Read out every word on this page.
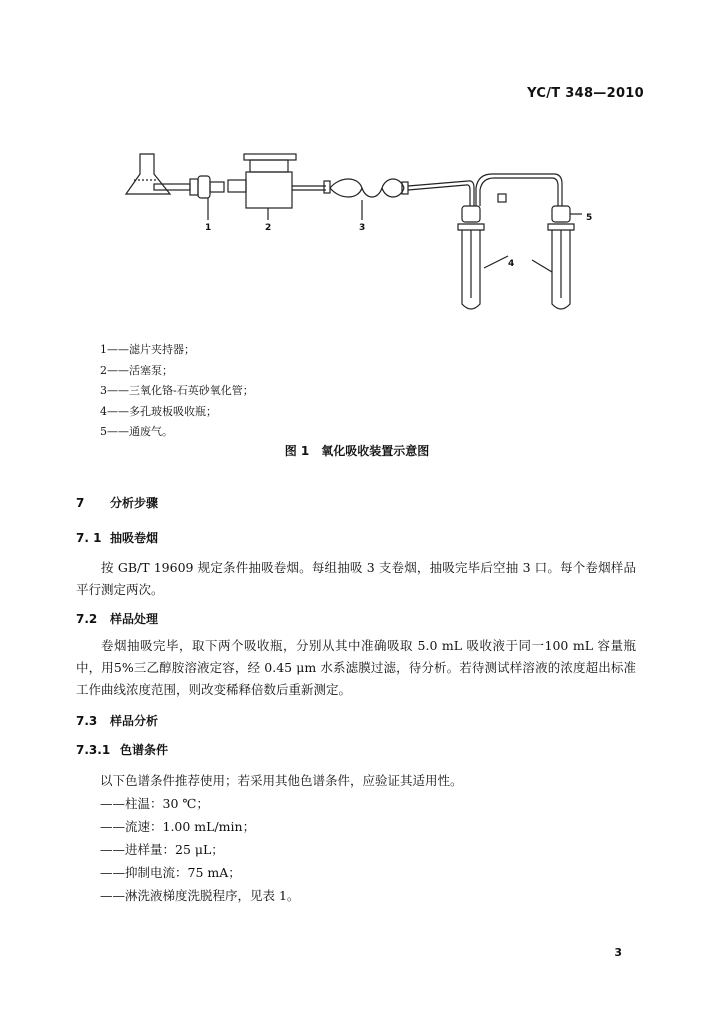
YC/T 348—2010
1	2	3
4
5
1——滤片夹持器；
2——活塞泵；
3——三氧化铬-石英砂氧化管；
4——多孔玻板吸收瓶；
5——通废气。
图 1　氧化吸收装置示意图
7 分析步骤
7. 1 抽吸卷烟
按 GB/T 19609 规定条件抽吸卷烟。每组抽吸 3 支卷烟，抽吸完毕后空抽 3 口。每个卷烟样品平行测定两次。
7.2 样品处理
卷烟抽吸完毕，取下两个吸收瓶，分别从其中准确吸取 5.0 mL 吸收液于同一100 mL 容量瓶中，用5%三乙醇胺溶液定容，经 0.45 μm 水系滤膜过滤，待分析。若待测试样溶液的浓度超出标准工作曲线浓度范围，则改变稀释倍数后重新测定。
7.3 样品分析
7.3.1 色谱条件
以下色谱条件推荐使用；若采用其他色谱条件，应验证其适用性。
——柱温：30 ℃；
——流速：1.00 mL/min；
——进样量：25 μL；
——抑制电流：75 mA；
——淋洗液梯度洗脱程序，见表 1。
3
